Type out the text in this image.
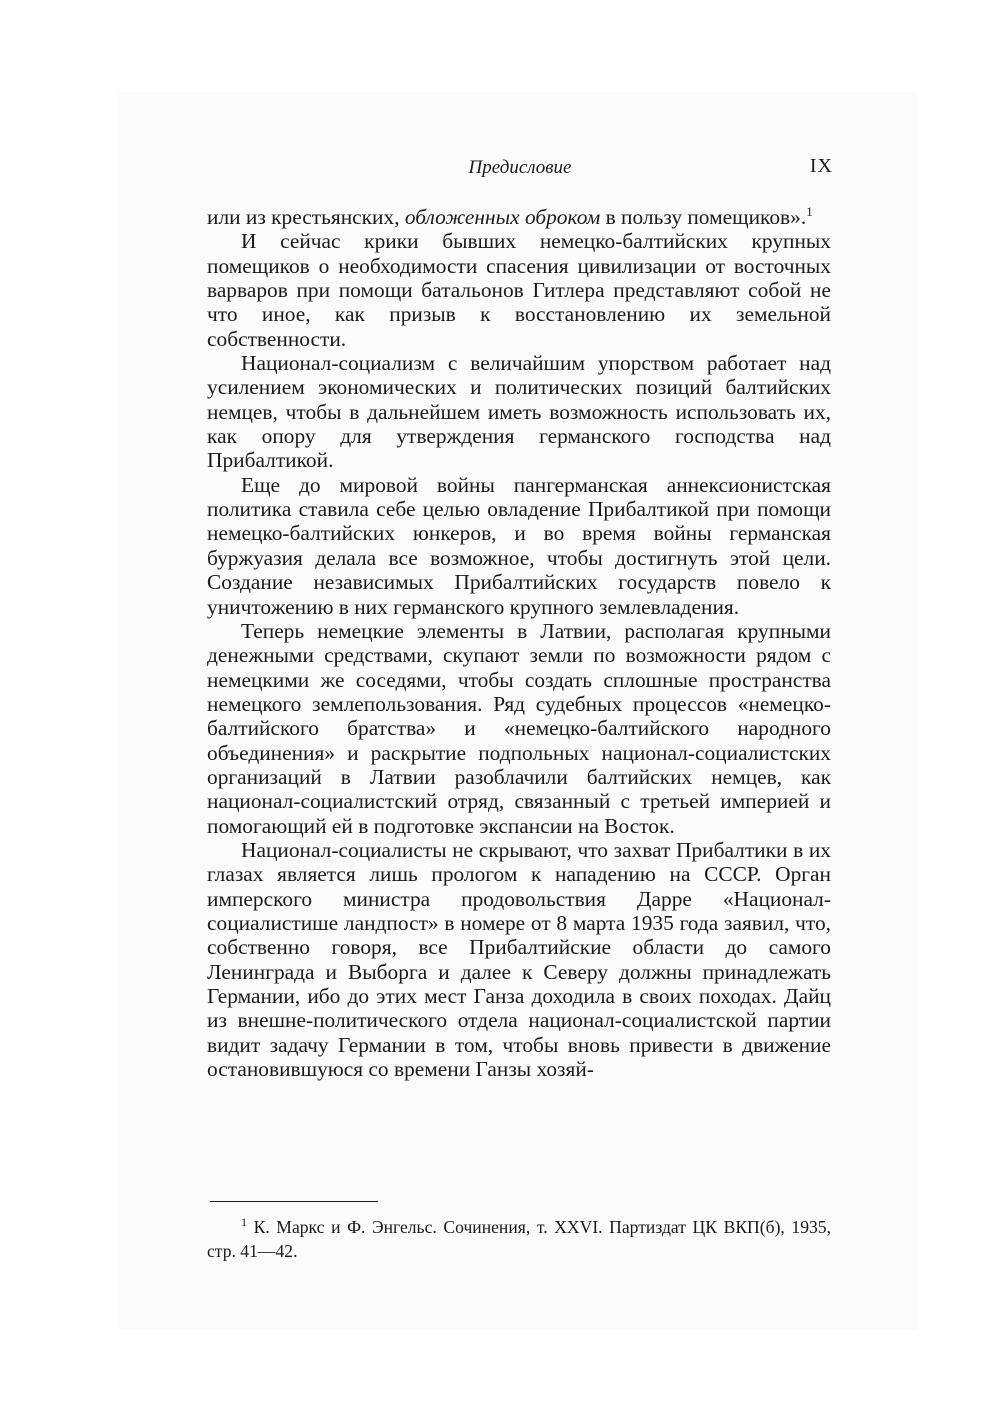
Предисловие	IX

или из крестьянских, обложенных оброком в пользу помещиков».$^1$

И сейчас крики бывших немецко-балтийских крупных помещиков о необходимости спасения цивилизации от восточных варваров при помощи батальонов Гитлера представляют собой не что иное, как призыв к восстановлению их земельной собственности.

Национал-социализм с величайшим упорством работает над усилением экономических и политических позиций балтийских немцев, чтобы в дальнейшем иметь возможность использовать их, как опору для утверждения германского господства над Прибалтикой.

Еще до мировой войны пангерманская аннексионистская политика ставила себе целью овладение Прибалтикой при помощи немецко-балтийских юнкеров, и во время войны германская буржуазия делала все возможное, чтобы достигнуть этой цели. Создание независимых Прибалтийских государств повело к уничтожению в них германского крупного землевладения.

Теперь немецкие элементы в Латвии, располагая крупными денежными средствами, скупают земли по возможности рядом с немецкими же соседями, чтобы создать сплошные пространства немецкого землепользования. Ряд судебных процессов «немецко-балтийского братства» и «немецко-балтийского народного объединения» и раскрытие подпольных национал-социалистских организаций в Латвии разоблачили балтийских немцев, как национал-социалистский отряд, связанный с третьей империей и помогающий ей в подготовке экспансии на Восток.

Национал-социалисты не скрывают, что захват Прибалтики в их глазах является лишь прологом к нападению на СССР. Орган имперского министра продовольствия Дарре «Национал-социалистише ландпост» в номере от 8 марта 1935 года заявил, что, собственно говоря, все Прибалтийские области до самого Ленинграда и Выборга и далее к Северу должны принадлежать Германии, ибо до этих мест Ганза доходила в своих походах. Дайц из внешне-политического отдела национал-социалистской партии видит задачу Германии в том, чтобы вновь привести в движение остановившуюся со времени Ганзы хозяй-

$^1$ К. Маркс и Ф. Энгельс. Сочинения, т. XXVI. Партиздат ЦК ВКП(б), 1935, стр. 41—42.
